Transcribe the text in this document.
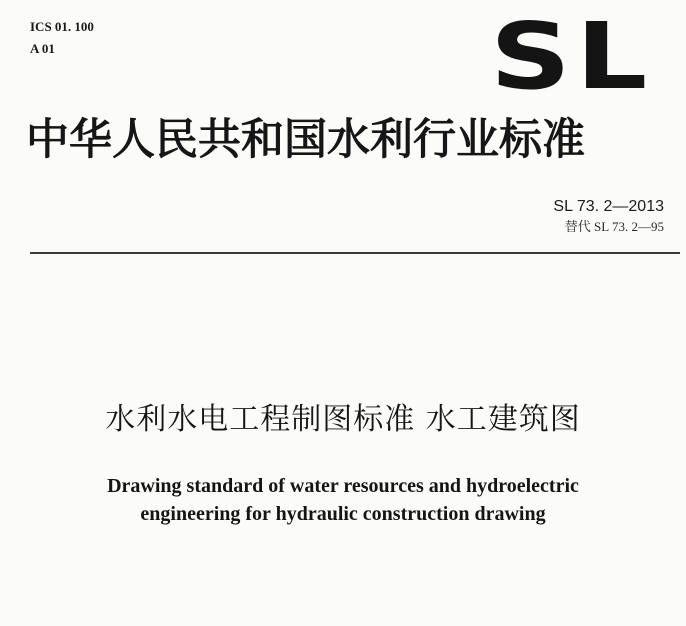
ICS 01. 100
A 01	SL
中华人民共和国水利行业标准
SL 73. 2—2013
替代 SL 73. 2—95
水利水电工程制图标准 水工建筑图
Drawing standard of water resources and hydroelectric
engineering for hydraulic construction drawing
